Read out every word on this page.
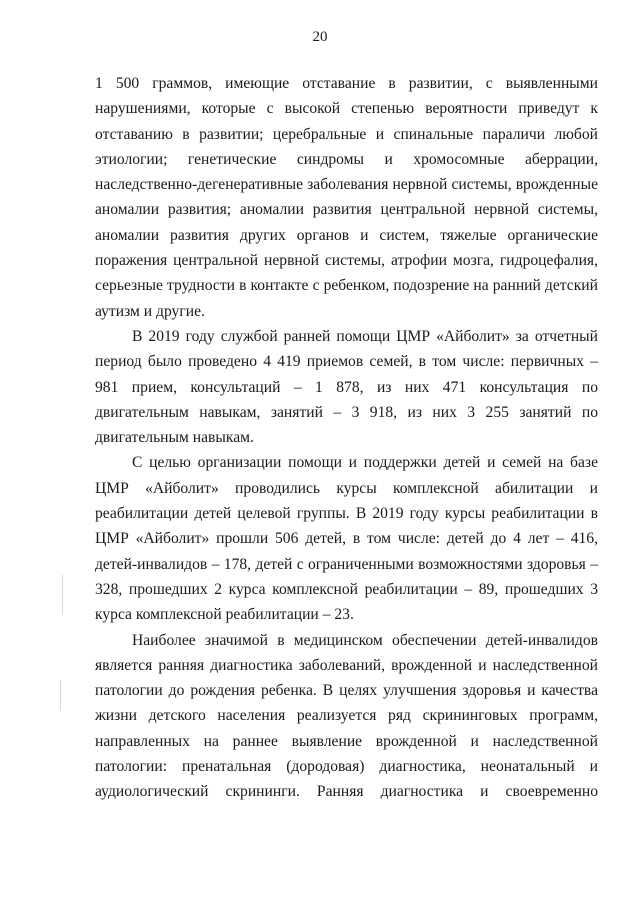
20

1 500 граммов, имеющие отставание в развитии, с выявленными нарушениями, которые с высокой степенью вероятности приведут к отставанию в развитии; церебральные и спинальные параличи любой этиологии; генетические синдромы и хромосомные аберрации, наследственно-дегенеративные заболевания нервной системы, врожденные аномалии развития; аномалии развития центральной нервной системы, аномалии развития других органов и систем, тяжелые органические поражения центральной нервной системы, атрофии мозга, гидроцефалия, серьезные трудности в контакте с ребенком, подозрение на ранний детский аутизм и другие.

В 2019 году службой ранней помощи ЦМР «Айболит» за отчетный период было проведено 4 419 приемов семей, в том числе: первичных – 981 прием, консультаций – 1 878, из них 471 консультация по двигательным навыкам, занятий – 3 918, из них 3 255 занятий по двигательным навыкам.

С целью организации помощи и поддержки детей и семей на базе ЦМР «Айболит» проводились курсы комплексной абилитации и реабилитации детей целевой группы. В 2019 году курсы реабилитации в ЦМР «Айболит» прошли 506 детей, в том числе: детей до 4 лет – 416, детей-инвалидов – 178, детей с ограниченными возможностями здоровья – 328, прошедших 2 курса комплексной реабилитации – 89, прошедших 3 курса комплексной реабилитации – 23.

Наиболее значимой в медицинском обеспечении детей-инвалидов является ранняя диагностика заболеваний, врожденной и наследственной патологии до рождения ребенка. В целях улучшения здоровья и качества жизни детского населения реализуется ряд скрининговых программ, направленных на раннее выявление врожденной и наследственной патологии: пренатальная (дородовая) диагностика, неонатальный и аудиологический скрининги. Ранняя диагностика и своевременно
